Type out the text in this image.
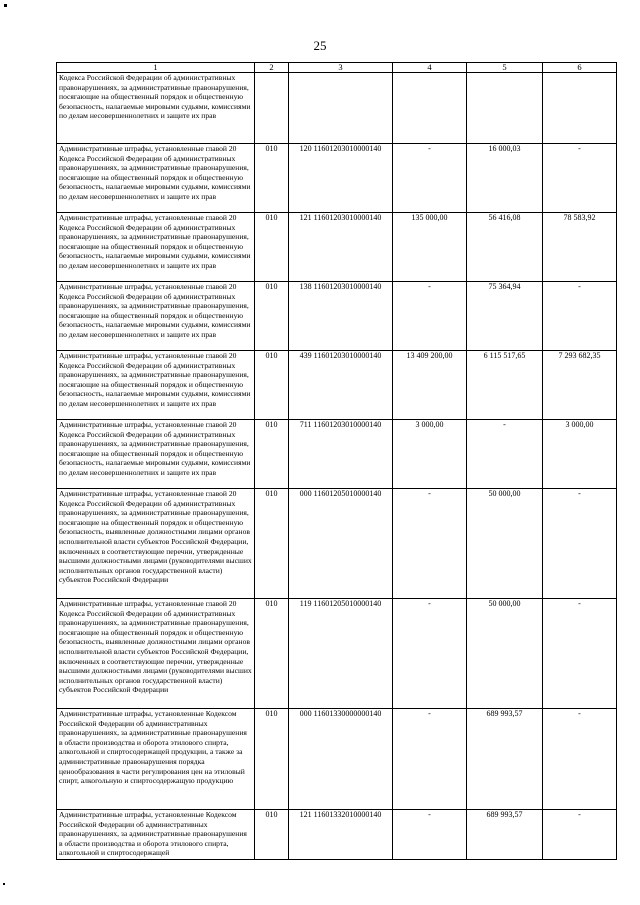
25
1	2	3	4	5	6
Кодекса Российской Федерации об административных правонарушениях, за административные правонарушения, посягающие на общественный порядок и общественную безопасность, налагаемые мировыми судьями, комиссиями по делам несовершеннолетних и защите их прав					
Административные штрафы, установленные главой 20 Кодекса Российской Федерации об административных правонарушениях, за административные правонарушения, посягающие на общественный порядок и общественную безопасность, налагаемые мировыми судьями, комиссиями по делам несовершеннолетних и защите их прав	010	120 11601203010000140	-	16 000,03	-
Административные штрафы, установленные главой 20 Кодекса Российской Федерации об административных правонарушениях, за административные правонарушения, посягающие на общественный порядок и общественную безопасность, налагаемые мировыми судьями, комиссиями по делам несовершеннолетних и защите их прав	010	121 11601203010000140	135 000,00	56 416,08	78 583,92
Административные штрафы, установленные главой 20 Кодекса Российской Федерации об административных правонарушениях, за административные правонарушения, посягающие на общественный порядок и общественную безопасность, налагаемые мировыми судьями, комиссиями по делам несовершеннолетних и защите их прав	010	138 11601203010000140	-	75 364,94	-
Административные штрафы, установленные главой 20 Кодекса Российской Федерации об административных правонарушениях, за административные правонарушения, посягающие на общественный порядок и общественную безопасность, налагаемые мировыми судьями, комиссиями по делам несовершеннолетних и защите их прав	010	439 11601203010000140	13 409 200,00	6 115 517,65	7 293 682,35
Административные штрафы, установленные главой 20 Кодекса Российской Федерации об административных правонарушениях, за административные правонарушения, посягающие на общественный порядок и общественную безопасность, налагаемые мировыми судьями, комиссиями по делам несовершеннолетних и защите их прав	010	711 11601203010000140	3 000,00	-	3 000,00
Административные штрафы, установленные главой 20 Кодекса Российской Федерации об административных правонарушениях, за административные правонарушения, посягающие на общественный порядок и общественную безопасность, выявленные должностными лицами органов исполнительной власти субъектов Российской Федерации, включенных в соответствующие перечни, утвержденные высшими должностными лицами (руководителями высших исполнительных органов государственной власти) субъектов Российской Федерации	010	000 11601205010000140	-	50 000,00	-
Административные штрафы, установленные главой 20 Кодекса Российской Федерации об административных правонарушениях, за административные правонарушения, посягающие на общественный порядок и общественную безопасность, выявленные должностными лицами органов исполнительной власти субъектов Российской Федерации, включенных в соответствующие перечни, утвержденные высшими должностными лицами (руководителями высших исполнительных органов государственной власти) субъектов Российской Федерации	010	119 11601205010000140	-	50 000,00	-
Административные штрафы, установленные Кодексом Российской Федерации об административных правонарушениях, за административные правонарушения в области производства и оборота этилового спирта, алкогольной и спиртосодержащей продукции, а также за административные правонарушения порядка ценообразования в части регулирования цен на этиловый спирт, алкогольную и спиртосодержащую продукцию	010	000 11601330000000140	-	689 993,57	-
Административные штрафы, установленные Кодексом Российской Федерации об административных правонарушениях, за административные правонарушения в области производства и оборота этилового спирта, алкогольной и спиртосодержащей	010	121 11601332010000140	-	689 993,57	-
